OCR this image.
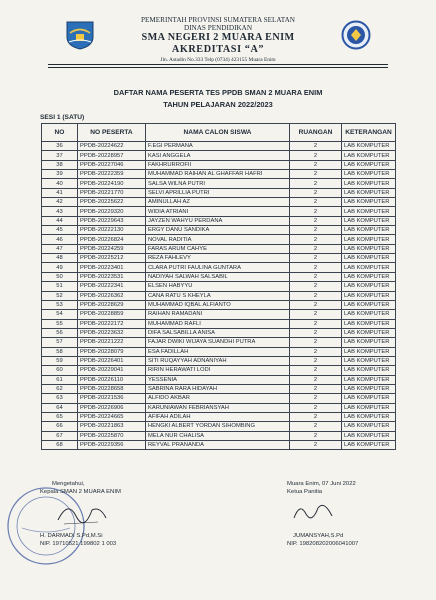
PEMERINTAH PROVINSI SUMATERA SELATAN
DINAS PENDIDIKAN
SMA NEGERI 2 MUARA ENIM
AKREDITASI “A”
Jln. Astadin No.333 Telp (0734) 423155 Muara Enim
DAFTAR NAMA PESERTA TES PPDB SMAN 2 MUARA ENIM
TAHUN PELAJARAN 2022/2023
SESI 1 (SATU)
NO	NO PESERTA	NAMA CALON SISWA	RUANGAN	KETERANGAN
36	PPDB-20224622	F.EGI PERMANA	2	LAB KOMPUTER
37	PPDB-20228957	KASI ANGGELA	2	LAB KOMPUTER
38	PPDB-20227046	FAKHRURROFII	2	LAB KOMPUTER
39	PPDB-20222359	MUHAMMAD RAIHAN AL GHAFFAR HAFRI	2	LAB KOMPUTER
40	PPDB-20224190	SALSA WILNA PUTRI	2	LAB KOMPUTER
41	PPDB-20221770	SELVI APRILLIA PUTRI	2	LAB KOMPUTER
42	PPDB-20225622	AMINULLAH AZ	2	LAB KOMPUTER
43	PPDB-20229320	WIDIA ATRIANI	2	LAB KOMPUTER
44	PPDB-20229643	JAYZEN WAHYU PERDANA	2	LAB KOMPUTER
45	PPDB-20222130	ERGY DANU SANDIKA	2	LAB KOMPUTER
46	PPDB-20226824	NOVAL RADITIA	2	LAB KOMPUTER
47	PPDB-20224259	FARAS ARUM CAHYE	2	LAB KOMPUTER
48	PPDB-20225212	REZA FAHLEVY	2	LAB KOMPUTER
49	PPDB-20223401	CLARA PUTRI FAULINA GUNTARA	2	LAB KOMPUTER
50	PPDB-20223531	NADIYAH SALWAH SALSABIL	2	LAB KOMPUTER
51	PPDB-20222341	ELSEN HABYYU	2	LAB KOMPUTER
52	PPDB-20226362	CANA RATU S KHEYLA	2	LAB KOMPUTER
53	PPDB-20228629	MUHAMMAD IQBAL ALFIANTO	2	LAB KOMPUTER
54	PPDB-20228859	RAIHAN RAMADANI	2	LAB KOMPUTER
55	PPDB-20222172	MUHAMMAD RAFLI	2	LAB KOMPUTER
56	PPDB-20223632	DIFA SALSABILLA ANISA	2	LAB KOMPUTER
57	PPDB-20221222	FAJAR DWIKI WIJAYA SUANDHI PUTRA	2	LAB KOMPUTER
58	PPDB-20228079	ESA FADILLAH	2	LAB KOMPUTER
59	PPDB-20226401	SITI RUQAYYAH ADNANIYAH	2	LAB KOMPUTER
60	PPDB-20229041	RIRIN HERAWATI LODI	2	LAB KOMPUTER
61	PPDB-20226110	YESSENIA	2	LAB KOMPUTER
62	PPDB-20228658	SABRINA RARA HIDAYAH	2	LAB KOMPUTER
63	PPDB-20221536	ALFIDO AKBAR	2	LAB KOMPUTER
64	PPDB-20226906	KARUNIAWAN FEBRIANSYAH	2	LAB KOMPUTER
65	PPDB-20224665	AFIFAH ADILAH	2	LAB KOMPUTER
66	PPDB-20221863	HENGKI ALBERT YORDAN SIHOMBING	2	LAB KOMPUTER
67	PPDB-20225870	MELA NUR CHALISA	2	LAB KOMPUTER
68	PPDB-20229356	REYVAL PRANANDA	2	LAB KOMPUTER
Mengetahui,
Kepala SMAN 2 MUARA ENIM
H. DARMADI S.Pd,M.Si
NIP. 19710521 199802 1 003
Muara Enim, 07 Juni 2022
Ketua Panitia
JUMANSYAH,S.Pd
NIP. 198208202006041007
